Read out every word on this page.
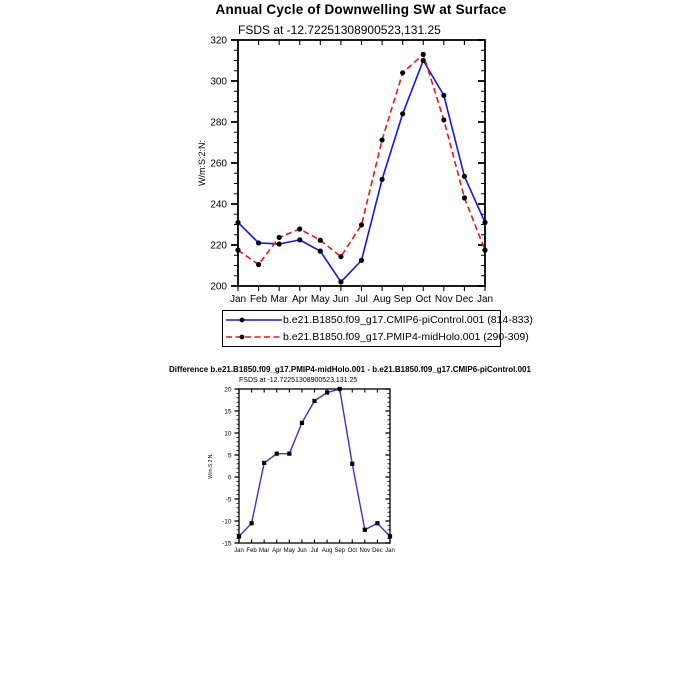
Annual Cycle of Downwelling SW at Surface
FSDS at -12.72251308900523,131.25
200
220
240
260
280
300
320
Jan Feb Mar Apr May Jun Jul Aug Sep Oct Nov Dec Jan
W/m:S:2:N:
-15
-10
-5
0
5
10
15
20
Jan Feb Mar Apr May Jun Jul Aug Sep Oct Nov Dec Jan
W/m:S:2:N:
b.e21.B1850.f09_g17.CMIP6-piControl.001 (814-833)
b.e21.B1850.f09_g17.PMIP4-midHolo.001 (290-309)
Difference b.e21.B1850.f09_g17.PMIP4-midHolo.001 - b.e21.B1850.f09_g17.CMIP6-piControl.001
FSDS at -12.72251308900523,131.25
